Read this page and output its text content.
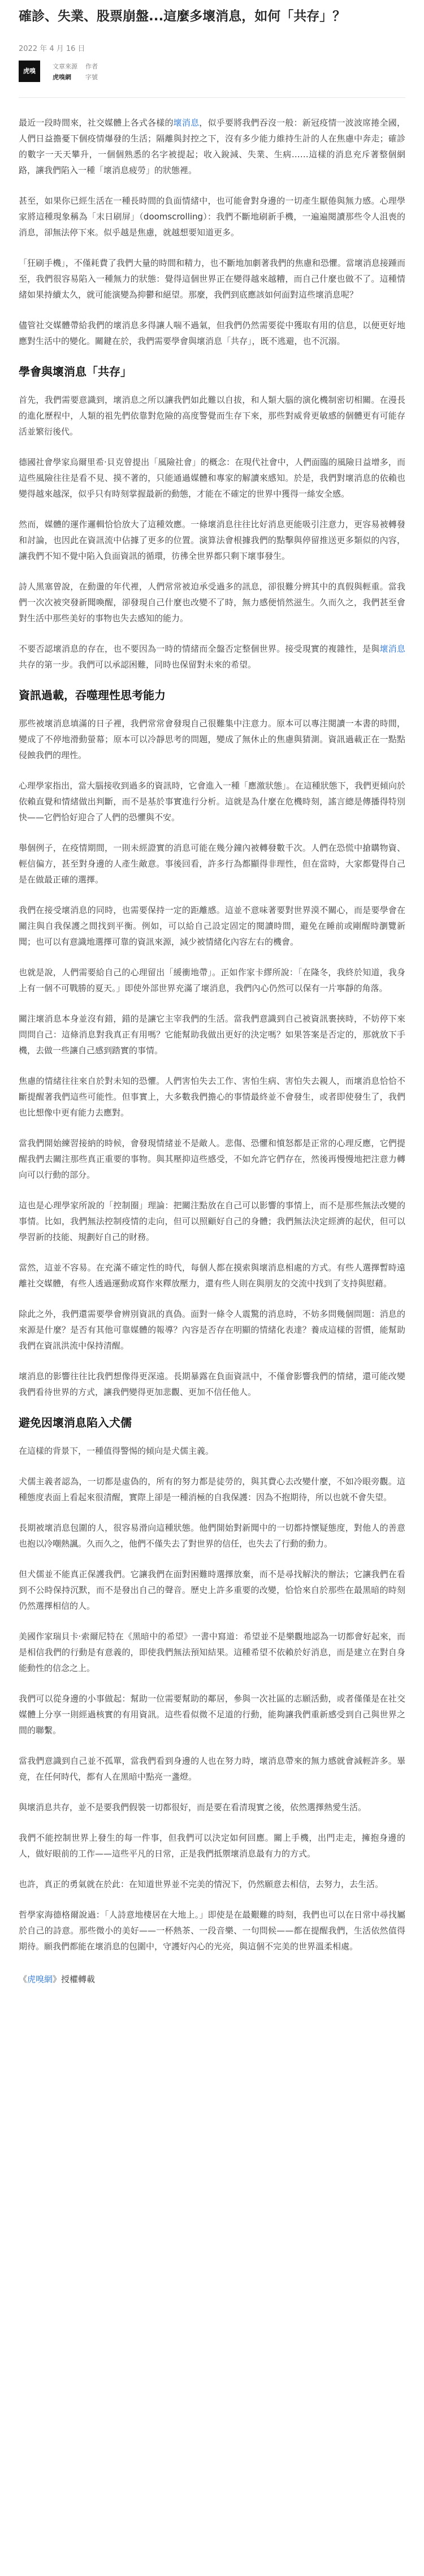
確診、失業、股票崩盤...這麼多壞消息，如何「共存」？
2022 年 4 月 16 日
虎嗅
文章來源 作者
虎嗅網	字號

最近一段時間來，社交媒體上各式各樣的壞消息，似乎要將我們吞沒一般：新冠疫情一波波席捲全國，人們日益擔憂下個疫情爆發的生活；隔離與封控之下，沒有多少能力維持生計的人在焦慮中奔走；確診的數字一天天攀升，一個個熟悉的名字被提起；收入銳減、失業、生病……這樣的消息充斥著整個網路，讓我們陷入一種「壞消息疲勞」的狀態裡。

甚至，如果你已經生活在一種長時間的負面情緒中，也可能會對身邊的一切產生厭倦與無力感。心理學家將這種現象稱為「末日刷屏」（doomscrolling）：我們不斷地刷新手機，一遍遍閱讀那些令人沮喪的消息，卻無法停下來。似乎越是焦慮，就越想要知道更多。

「狂刷手機」，不僅耗費了我們大量的時間和精力，也不斷地加劇著我們的焦慮和恐懼。當壞消息接踵而至，我們很容易陷入一種無力的狀態：覺得這個世界正在變得越來越糟，而自己什麼也做不了。這種情緒如果持續太久，就可能演變為抑鬱和絕望。那麼，我們到底應該如何面對這些壞消息呢？

儘管社交媒體帶給我們的壞消息多得讓人喘不過氣，但我們仍然需要從中獲取有用的信息，以便更好地應對生活中的變化。關鍵在於，我們需要學會與壞消息「共存」，既不逃避，也不沉溺。

學會與壞消息「共存」

首先，我們需要意識到，壞消息之所以讓我們如此難以自拔，和人類大腦的演化機制密切相關。在漫長的進化歷程中，人類的祖先們依靠對危險的高度警覺而生存下來，那些對威脅更敏感的個體更有可能存活並繁衍後代。

德國社會學家烏爾里希·貝克曾提出「風險社會」的概念：在現代社會中，人們面臨的風險日益增多，而這些風險往往是看不見、摸不著的，只能通過媒體和專家的解讀來感知。於是，我們對壞消息的依賴也變得越來越深，似乎只有時刻掌握最新的動態，才能在不確定的世界中獲得一絲安全感。

然而，媒體的運作邏輯恰恰放大了這種效應。一條壞消息往往比好消息更能吸引注意力，更容易被轉發和討論，也因此在資訊流中佔據了更多的位置。演算法會根據我們的點擊與停留推送更多類似的內容，讓我們不知不覺中陷入負面資訊的循環，彷彿全世界都只剩下壞事發生。

詩人黑塞曾說，在動盪的年代裡，人們常常被迫承受過多的訊息，卻很難分辨其中的真假與輕重。當我們一次次被突發新聞喚醒，卻發現自己什麼也改變不了時，無力感便悄然滋生。久而久之，我們甚至會對生活中那些美好的事物也失去感知的能力。

不要否認壞消息的存在，也不要因為一時的情緒而全盤否定整個世界。接受現實的複雜性，是與壞消息共存的第一步。我們可以承認困難，同時也保留對未來的希望。

資訊過載，吞噬理性思考能力

那些被壞消息填滿的日子裡，我們常常會發現自己很難集中注意力。原本可以專注閱讀一本書的時間，變成了不停地滑動螢幕；原本可以冷靜思考的問題，變成了無休止的焦慮與猜測。資訊過載正在一點點侵蝕我們的理性。

心理學家指出，當大腦接收到過多的資訊時，它會進入一種「應激狀態」。在這種狀態下，我們更傾向於依賴直覺和情緒做出判斷，而不是基於事實進行分析。這就是為什麼在危機時刻，謠言總是傳播得特別快——它們恰好迎合了人們的恐懼與不安。

舉個例子，在疫情期間，一則未經證實的消息可能在幾分鐘內被轉發數千次。人們在恐慌中搶購物資、輕信偏方，甚至對身邊的人產生敵意。事後回看，許多行為都顯得非理性，但在當時，大家都覺得自己是在做最正確的選擇。

我們在接受壞消息的同時，也需要保持一定的距離感。這並不意味著要對世界漠不關心，而是要學會在關注與自我保護之間找到平衡。例如，可以給自己設定固定的閱讀時間，避免在睡前或剛醒時瀏覽新聞；也可以有意識地選擇可靠的資訊來源，減少被情緒化內容左右的機會。

也就是說，人們需要給自己的心理留出「緩衝地帶」。正如作家卡繆所說：「在隆冬，我終於知道，我身上有一個不可戰勝的夏天。」即使外部世界充滿了壞消息，我們內心仍然可以保有一片寧靜的角落。

關注壞消息本身並沒有錯，錯的是讓它主宰我們的生活。當我們意識到自己被資訊裹挾時，不妨停下來問問自己：這條消息對我真正有用嗎？它能幫助我做出更好的決定嗎？如果答案是否定的，那就放下手機，去做一些讓自己感到踏實的事情。

焦慮的情緒往往來自於對未知的恐懼。人們害怕失去工作、害怕生病、害怕失去親人，而壞消息恰恰不斷提醒著我們這些可能性。但事實上，大多數我們擔心的事情最終並不會發生，或者即使發生了，我們也比想像中更有能力去應對。

當我們開始練習接納的時候，會發現情緒並不是敵人。悲傷、恐懼和憤怒都是正常的心理反應，它們提醒我們去關注那些真正重要的事物。與其壓抑這些感受，不如允許它們存在，然後再慢慢地把注意力轉向可以行動的部分。

這也是心理學家所說的「控制圈」理論：把關注點放在自己可以影響的事情上，而不是那些無法改變的事情。比如，我們無法控制疫情的走向，但可以照顧好自己的身體；我們無法決定經濟的起伏，但可以學習新的技能、規劃好自己的財務。

當然，這並不容易。在充滿不確定性的時代，每個人都在摸索與壞消息相處的方式。有些人選擇暫時遠離社交媒體，有些人透過運動或寫作來釋放壓力，還有些人則在與朋友的交流中找到了支持與慰藉。

除此之外，我們還需要學會辨別資訊的真偽。面對一條令人震驚的消息時，不妨多問幾個問題：消息的來源是什麼？是否有其他可靠媒體的報導？內容是否存在明顯的情緒化表達？養成這樣的習慣，能幫助我們在資訊洪流中保持清醒。

壞消息的影響往往比我們想像得更深遠。長期暴露在負面資訊中，不僅會影響我們的情緒，還可能改變我們看待世界的方式，讓我們變得更加悲觀、更加不信任他人。

避免因壞消息陷入犬儒

在這樣的背景下，一種值得警惕的傾向是犬儒主義。

犬儒主義者認為，一切都是虛偽的，所有的努力都是徒勞的，與其費心去改變什麼，不如冷眼旁觀。這種態度表面上看起來很清醒，實際上卻是一種消極的自我保護：因為不抱期待，所以也就不會失望。

長期被壞消息包圍的人，很容易滑向這種狀態。他們開始對新聞中的一切都持懷疑態度，對他人的善意也抱以冷嘲熱諷。久而久之，他們不僅失去了對世界的信任，也失去了行動的動力。

但犬儒並不能真正保護我們。它讓我們在面對困難時選擇放棄，而不是尋找解決的辦法；它讓我們在看到不公時保持沉默，而不是發出自己的聲音。歷史上許多重要的改變，恰恰來自於那些在最黑暗的時刻仍然選擇相信的人。

美國作家瑞貝卡·索爾尼特在《黑暗中的希望》一書中寫道：希望並不是樂觀地認為一切都會好起來，而是相信我們的行動是有意義的，即使我們無法預知結果。這種希望不依賴於好消息，而是建立在對自身能動性的信念之上。

我們可以從身邊的小事做起：幫助一位需要幫助的鄰居，參與一次社區的志願活動，或者僅僅是在社交媒體上分享一則經過核實的有用資訊。這些看似微不足道的行動，能夠讓我們重新感受到自己與世界之間的聯繫。

當我們意識到自己並不孤單，當我們看到身邊的人也在努力時，壞消息帶來的無力感就會減輕許多。畢竟，在任何時代，都有人在黑暗中點亮一盞燈。

與壞消息共存，並不是要我們假裝一切都很好，而是要在看清現實之後，依然選擇熱愛生活。

我們不能控制世界上發生的每一件事，但我們可以決定如何回應。關上手機，出門走走，擁抱身邊的人，做好眼前的工作——這些平凡的日常，正是我們抵禦壞消息最有力的方式。

也許，真正的勇氣就在於此：在知道世界並不完美的情況下，仍然願意去相信，去努力，去生活。

哲學家海德格爾說過：「人詩意地棲居在大地上。」即使是在最艱難的時刻，我們也可以在日常中尋找屬於自己的詩意。那些微小的美好——一杯熱茶、一段音樂、一句問候——都在提醒我們，生活依然值得期待。願我們都能在壞消息的包圍中，守護好內心的光亮，與這個不完美的世界溫柔相處。

《虎嗅網》授權轉載
